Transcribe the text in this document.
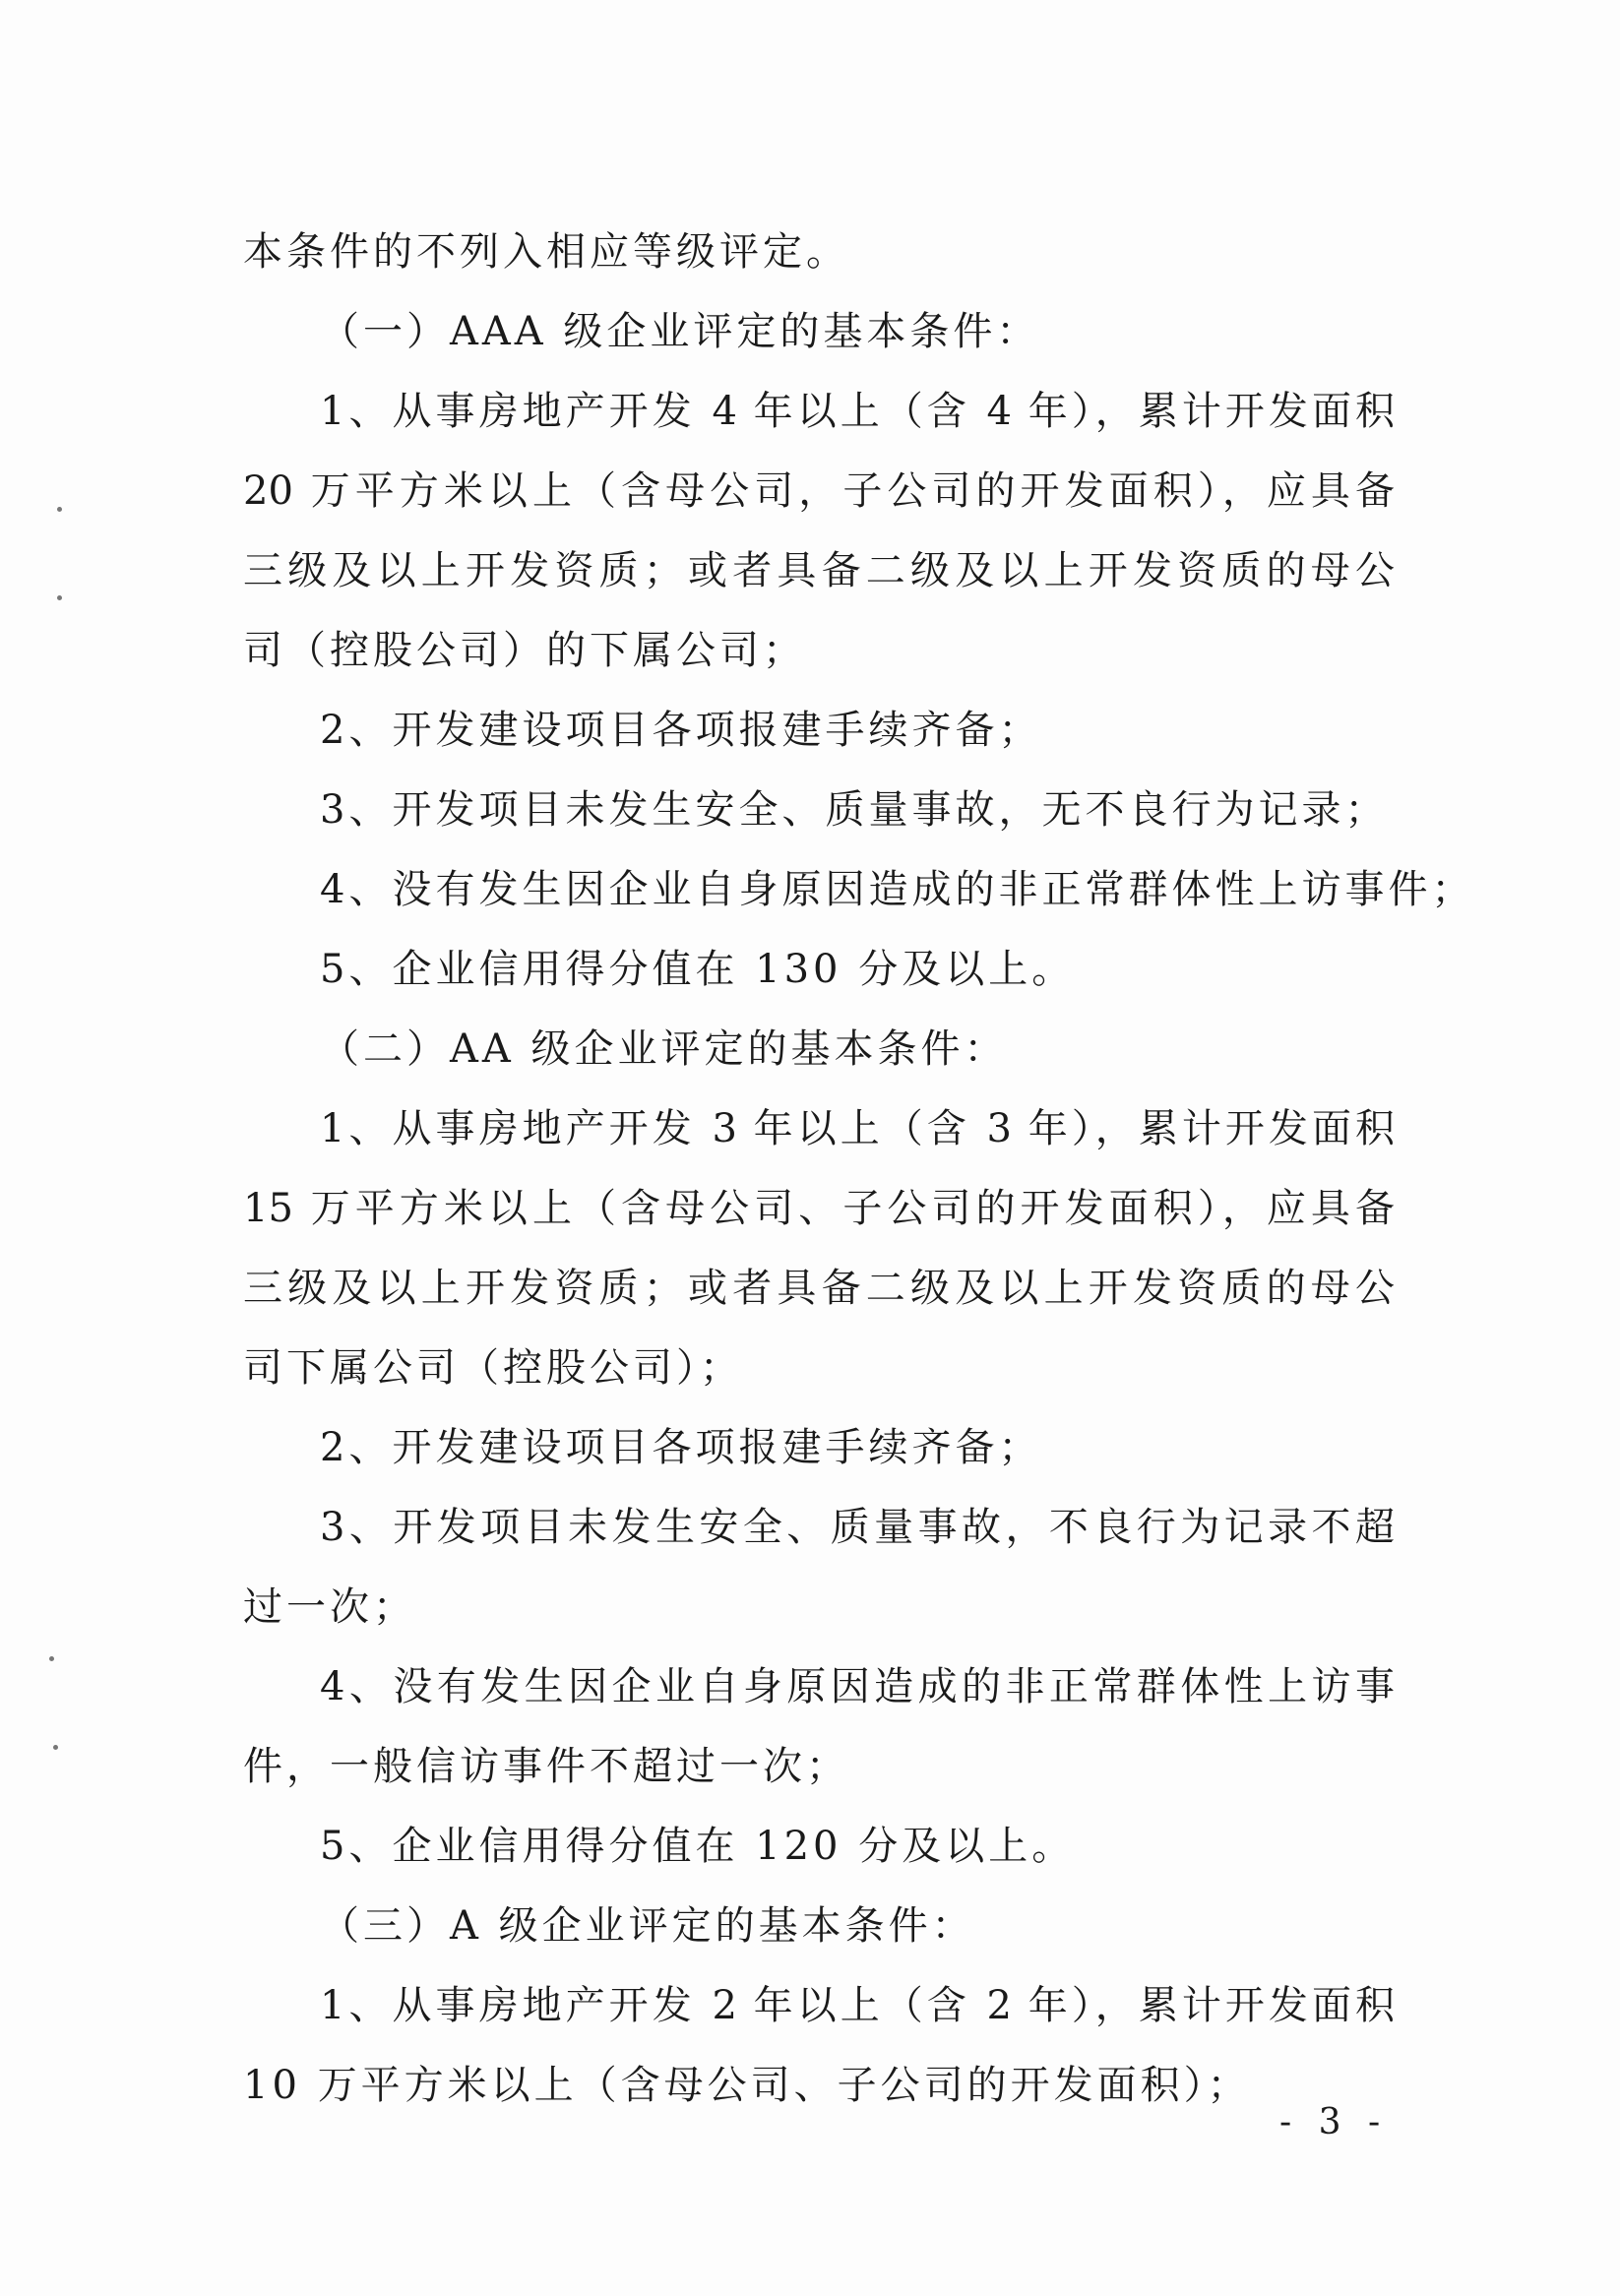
本条件的不列入相应等级评定。
（一）AAA 级企业评定的基本条件：
1、从事房地产开发 4 年以上（含 4 年），累计开发面积
20 万平方米以上（含母公司，子公司的开发面积），应具备
三级及以上开发资质；或者具备二级及以上开发资质的母公
司（控股公司）的下属公司；
2、开发建设项目各项报建手续齐备；
3、开发项目未发生安全、质量事故，无不良行为记录；
4、没有发生因企业自身原因造成的非正常群体性上访事件；
5、企业信用得分值在 130 分及以上。
（二）AA 级企业评定的基本条件：
1、从事房地产开发 3 年以上（含 3 年），累计开发面积
15 万平方米以上（含母公司、子公司的开发面积），应具备
三级及以上开发资质；或者具备二级及以上开发资质的母公
司下属公司（控股公司）；
2、开发建设项目各项报建手续齐备；
3、开发项目未发生安全、质量事故，不良行为记录不超
过一次；
4、没有发生因企业自身原因造成的非正常群体性上访事
件，一般信访事件不超过一次；
5、企业信用得分值在 120 分及以上。
（三）A 级企业评定的基本条件：
1、从事房地产开发 2 年以上（含 2 年），累计开发面积
10 万平方米以上（含母公司、子公司的开发面积）；
- 3 -
